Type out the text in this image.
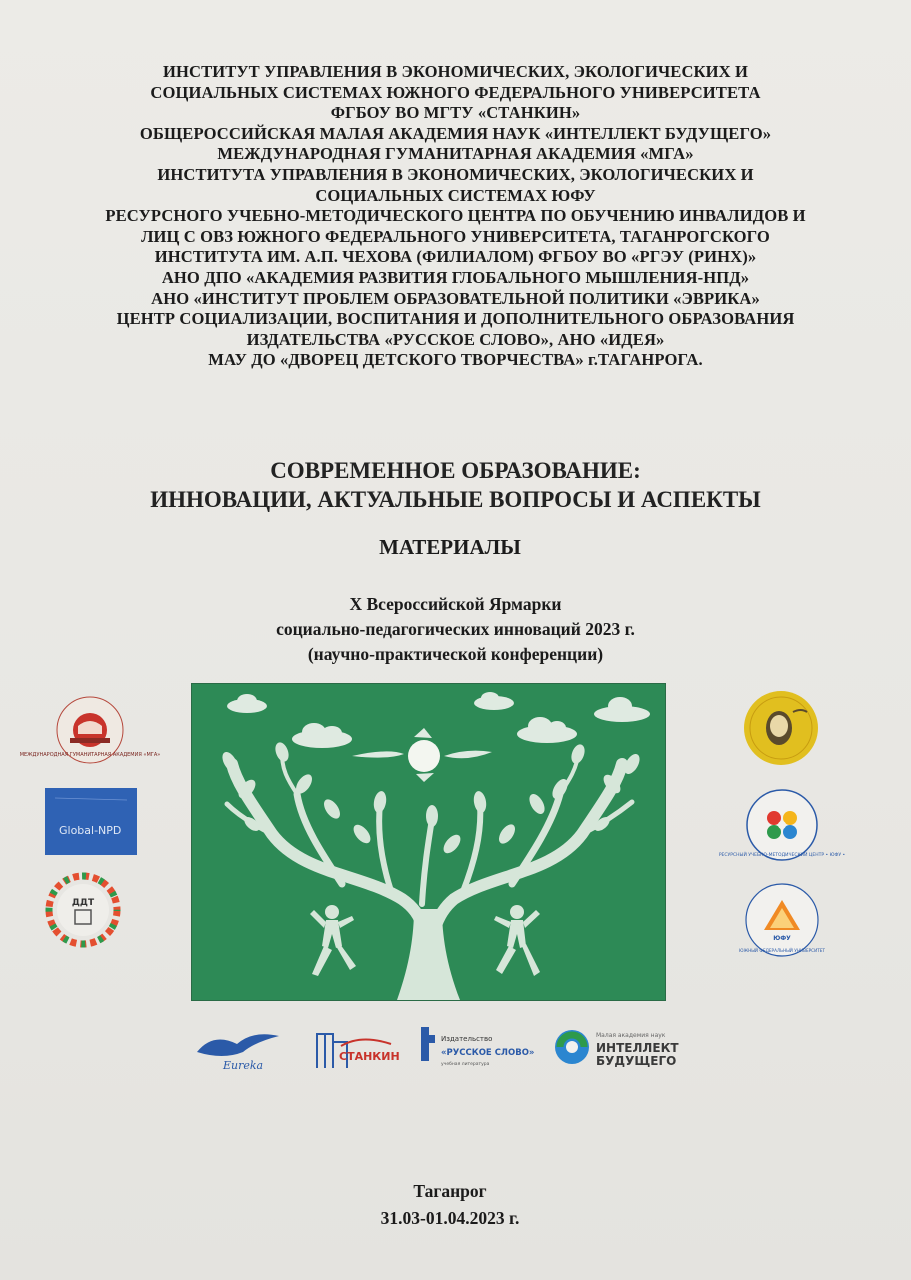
ИНСТИТУТ УПРАВЛЕНИЯ В ЭКОНОМИЧЕСКИХ, ЭКОЛОГИЧЕСКИХ И
СОЦИАЛЬНЫХ СИСТЕМАХ ЮЖНОГО ФЕДЕРАЛЬНОГО УНИВЕРСИТЕТА
ФГБОУ ВО МГТУ «СТАНКИН»
ОБЩЕРОССИЙСКАЯ МАЛАЯ АКАДЕМИЯ НАУК «ИНТЕЛЛЕКТ БУДУЩЕГО»
МЕЖДУНАРОДНАЯ ГУМАНИТАРНАЯ АКАДЕМИЯ «МГА»
ИНСТИТУТА УПРАВЛЕНИЯ В ЭКОНОМИЧЕСКИХ, ЭКОЛОГИЧЕСКИХ И
СОЦИАЛЬНЫХ СИСТЕМАХ ЮФУ
РЕСУРСНОГО УЧЕБНО-МЕТОДИЧЕСКОГО ЦЕНТРА ПО ОБУЧЕНИЮ ИНВАЛИДОВ И
ЛИЦ С ОВЗ ЮЖНОГО ФЕДЕРАЛЬНОГО УНИВЕРСИТЕТА, ТАГАНРОГСКОГО
ИНСТИТУТА ИМ. А.П. ЧЕХОВА (ФИЛИАЛОМ) ФГБОУ ВО «РГЭУ (РИНХ)»
АНО ДПО «АКАДЕМИЯ РАЗВИТИЯ ГЛОБАЛЬНОГО МЫШЛЕНИЯ-НПД»
АНО «ИНСТИТУТ ПРОБЛЕМ ОБРАЗОВАТЕЛЬНОЙ ПОЛИТИКИ «ЭВРИКА»
ЦЕНТР СОЦИАЛИЗАЦИИ, ВОСПИТАНИЯ И ДОПОЛНИТЕЛЬНОГО ОБРАЗОВАНИЯ
ИЗДАТЕЛЬСТВА «РУССКОЕ СЛОВО», АНО «ИДЕЯ»
МАУ ДО «ДВОРЕЦ ДЕТСКОГО ТВОРЧЕСТВА» г.ТАГАНРОГА.
СОВРЕМЕННОЕ ОБРАЗОВАНИЕ:
ИННОВАЦИИ, АКТУАЛЬНЫЕ ВОПРОСЫ И АСПЕКТЫ
МАТЕРИАЛЫ
X Всероссийской Ярмарки
социально-педагогических инноваций 2023 г.
(научно-практической конференции)
МЕЖДУНАРОДНАЯ ГУМАНИТАРНАЯ АКАДЕМИЯ «МГА»
Global-NPD
ДДТ
РЕСУРСНЫЙ УЧЕБНО-МЕТОДИЧЕСКИЙ ЦЕНТР • ЮФУ •
ЮФУ
ЮЖНЫЙ ФЕДЕРАЛЬНЫЙ УНИВЕРСИТЕТ
Eureka
СТАНКИН
Издательство
«РУССКОЕ СЛОВО»
учебная литература
Малая академия наук
ИНТЕЛЛЕКТ
БУДУЩЕГО
Таганрог
31.03-01.04.2023 г.
